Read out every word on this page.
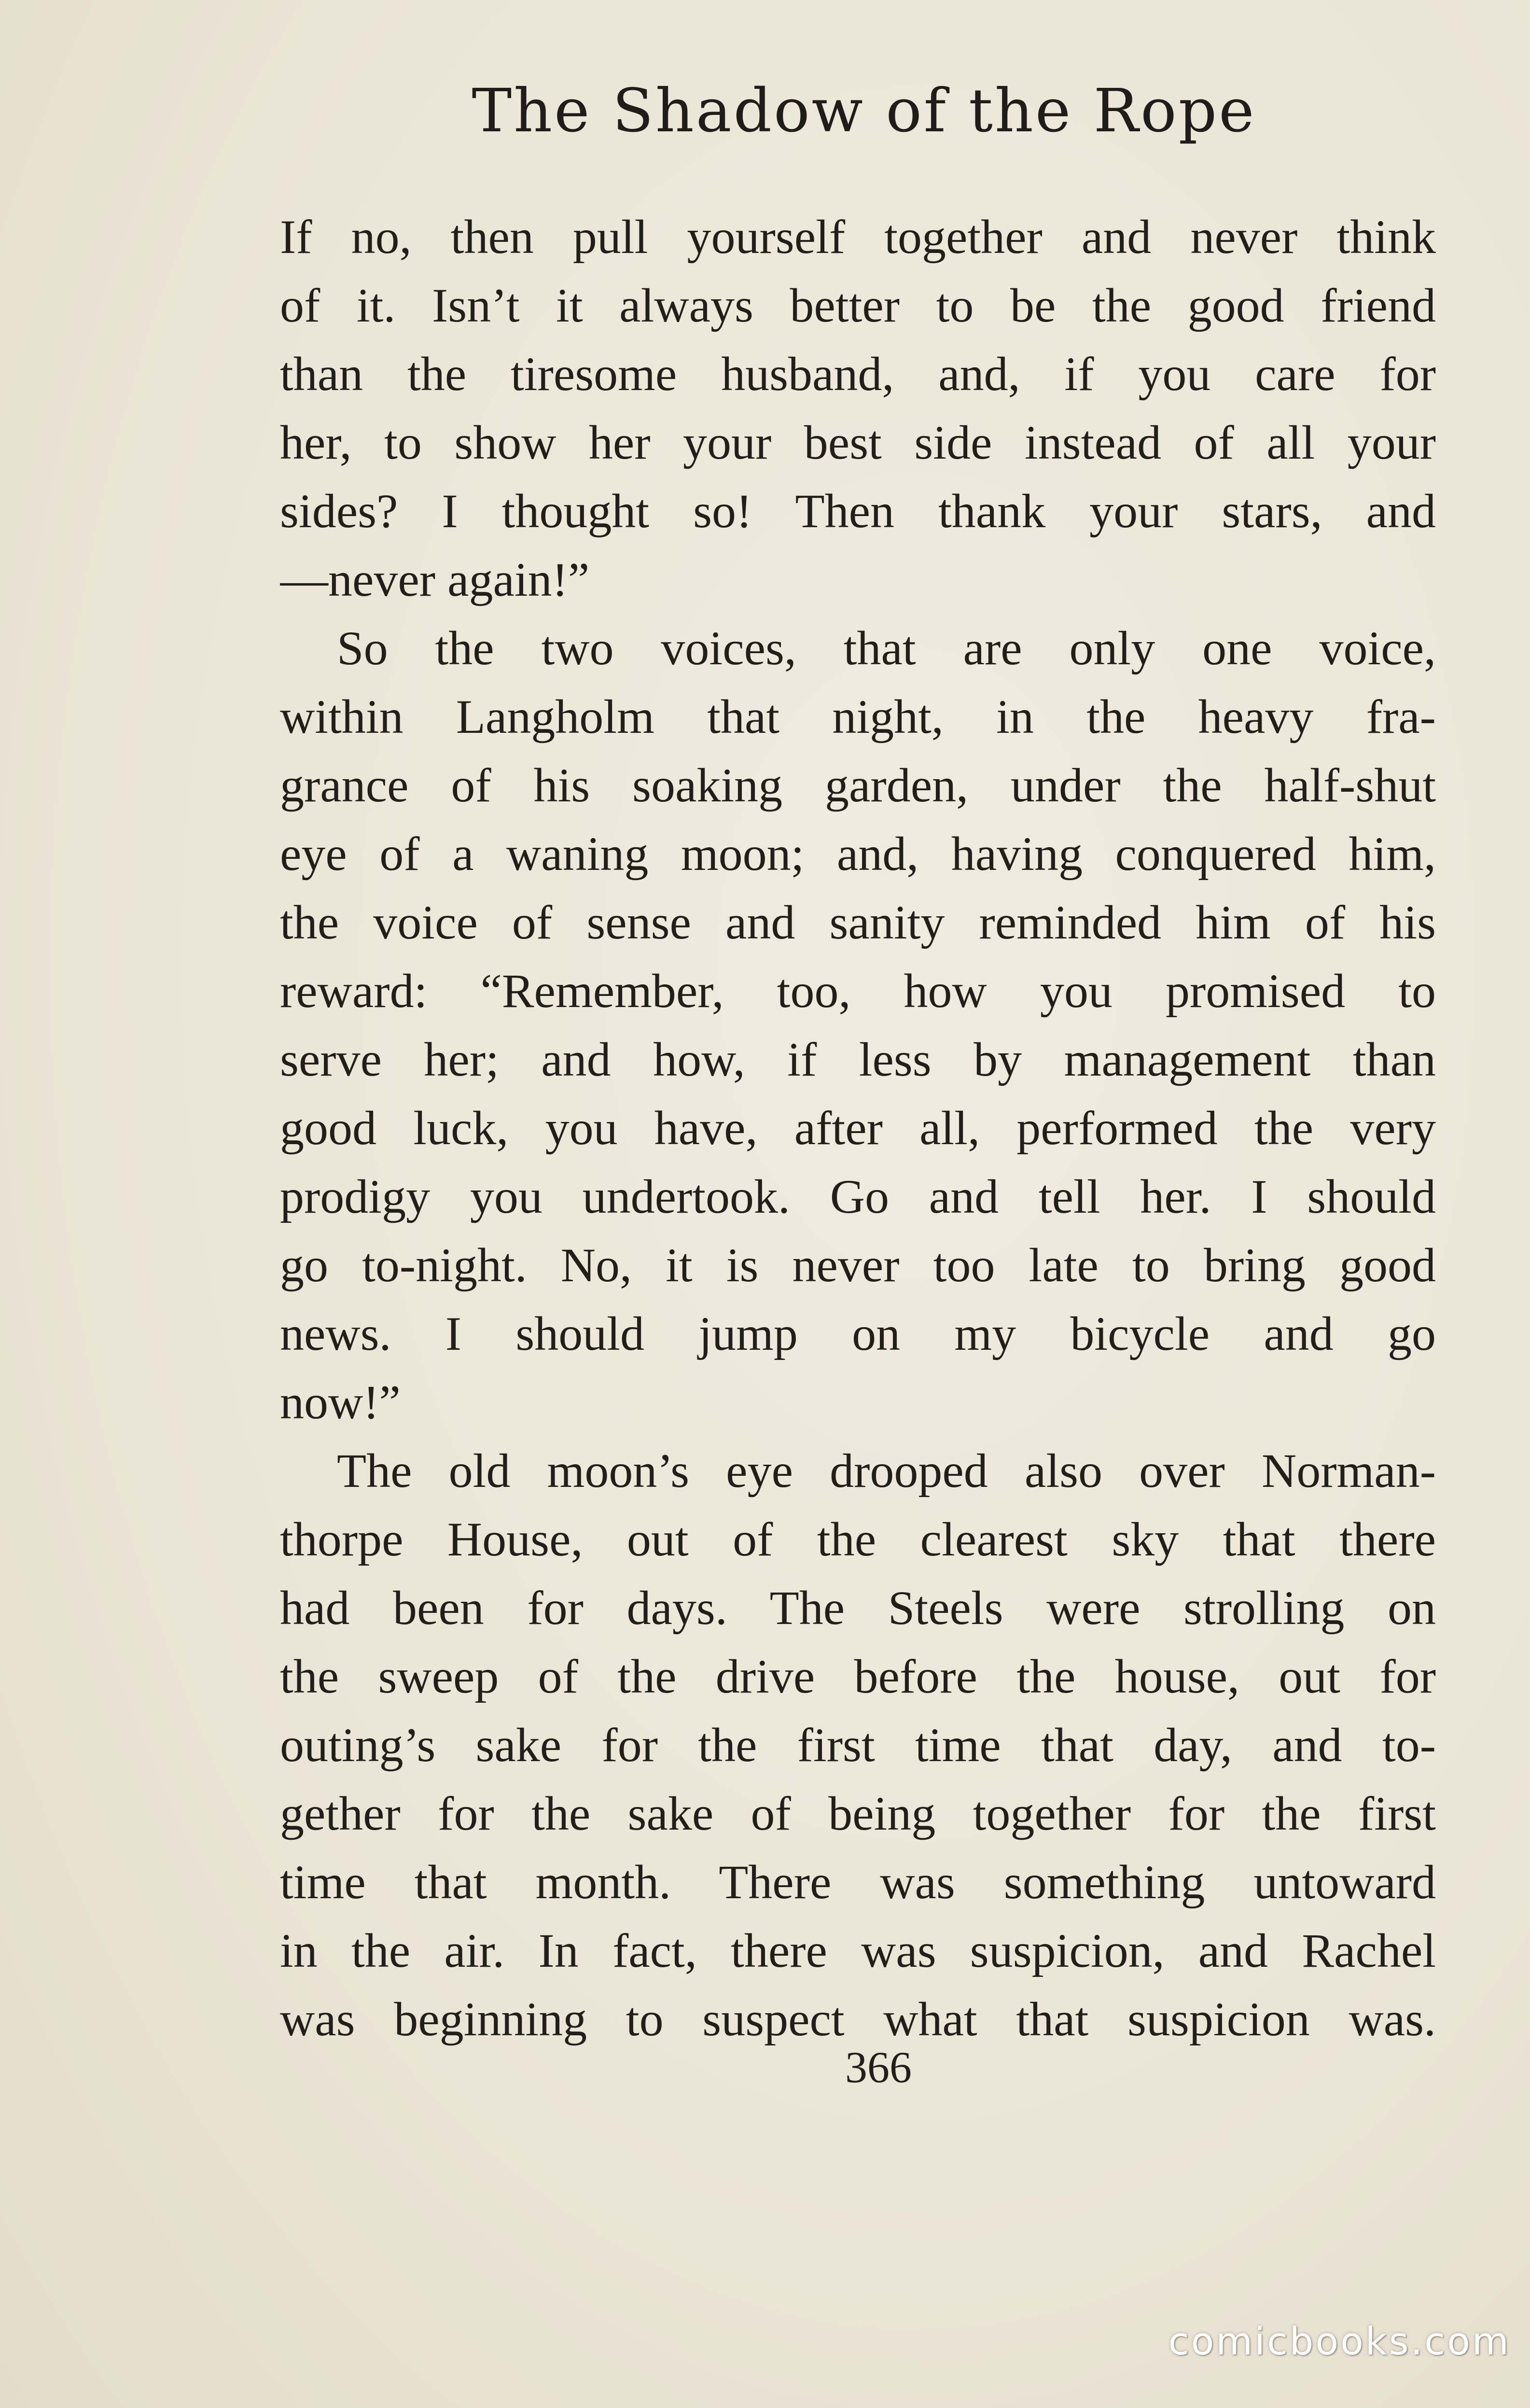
The Shadow of the Rope
If no, then pull yourself together and never think
of it. Isn’t it always better to be the good friend
than the tiresome husband, and, if you care for
her, to show her your best side instead of all your
sides? I thought so! Then thank your stars, and
—never again!”
So the two voices, that are only one voice,
within Langholm that night, in the heavy fra-
grance of his soaking garden, under the half-shut
eye of a waning moon; and, having conquered him,
the voice of sense and sanity reminded him of his
reward: “Remember, too, how you promised to
serve her; and how, if less by management than
good luck, you have, after all, performed the very
prodigy you undertook. Go and tell her. I should
go to-night. No, it is never too late to bring good
news. I should jump on my bicycle and go
now!”
The old moon’s eye drooped also over Norman-
thorpe House, out of the clearest sky that there
had been for days. The Steels were strolling on
the sweep of the drive before the house, out for
outing’s sake for the first time that day, and to-
gether for the sake of being together for the first
time that month. There was something untoward
in the air. In fact, there was suspicion, and Rachel
was beginning to suspect what that suspicion was.
366
comicbooks.com
